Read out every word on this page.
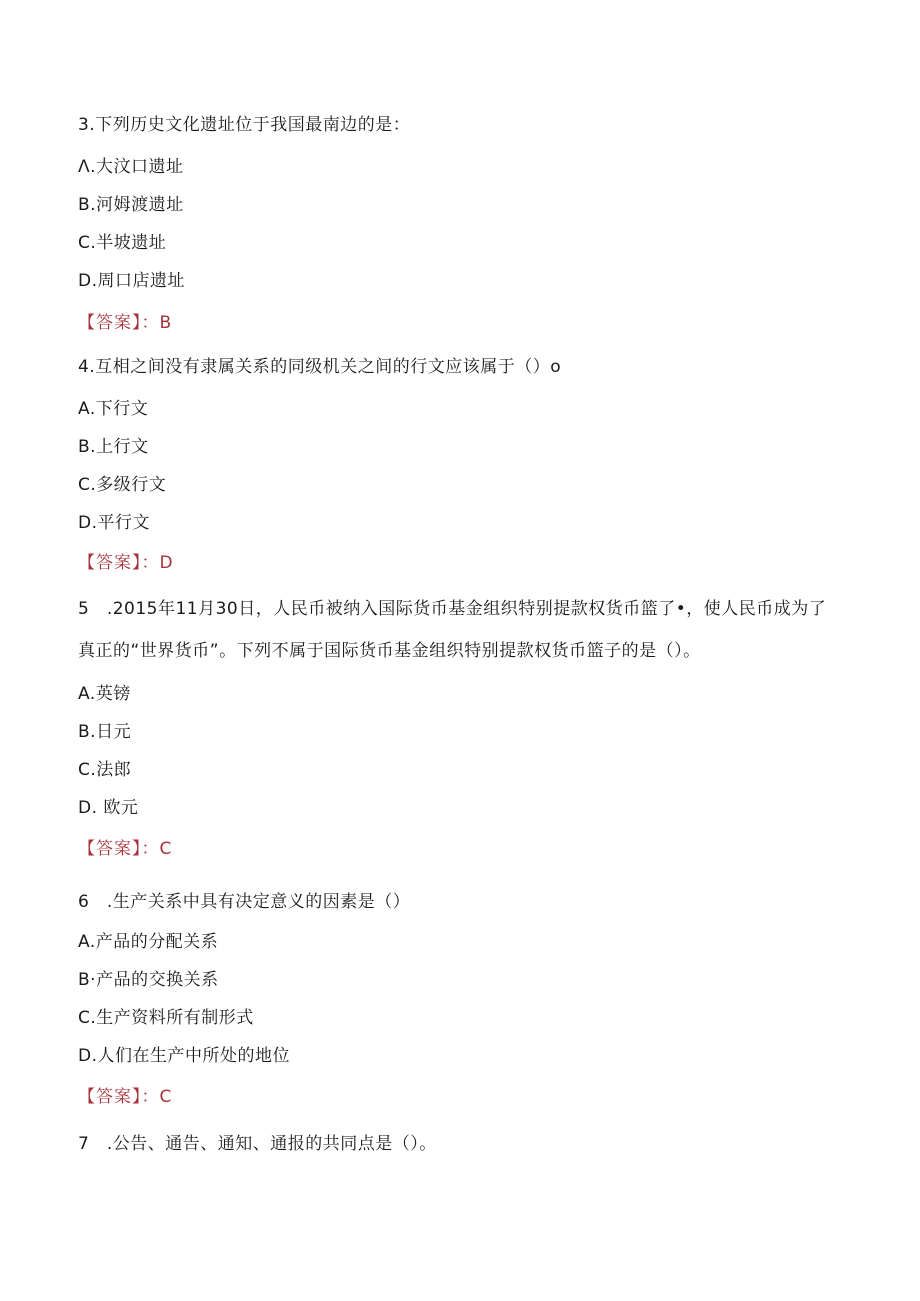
3.下列历史文化遗址位于我国最南边的是：
Λ.大汶口遗址
B.河姆渡遗址
C.半坡遗址
D.周口店遗址
【答案】：B
4.互相之间没有隶属关系的同级机关之间的行文应该属于（）o
A.下行文
B.上行文
C.多级行文
D.平行文
【答案】：D
5　.2015年11月30日，人民币被纳入国际货币基金组织特别提款权货币篮了•，使人民币成为了
真正的“世界货币”。下列不属于国际货币基金组织特别提款权货币篮子的是（）。
A.英镑
B.日元
C.法郎
D. 欧元
【答案】：C
6　.生产关系中具有决定意义的因素是（）
A.产品的分配关系
B·产品的交换关系
C.生产资料所有制形式
D.人们在生产中所处的地位
【答案】：C
7　.公告、通告、通知、通报的共同点是（）。
